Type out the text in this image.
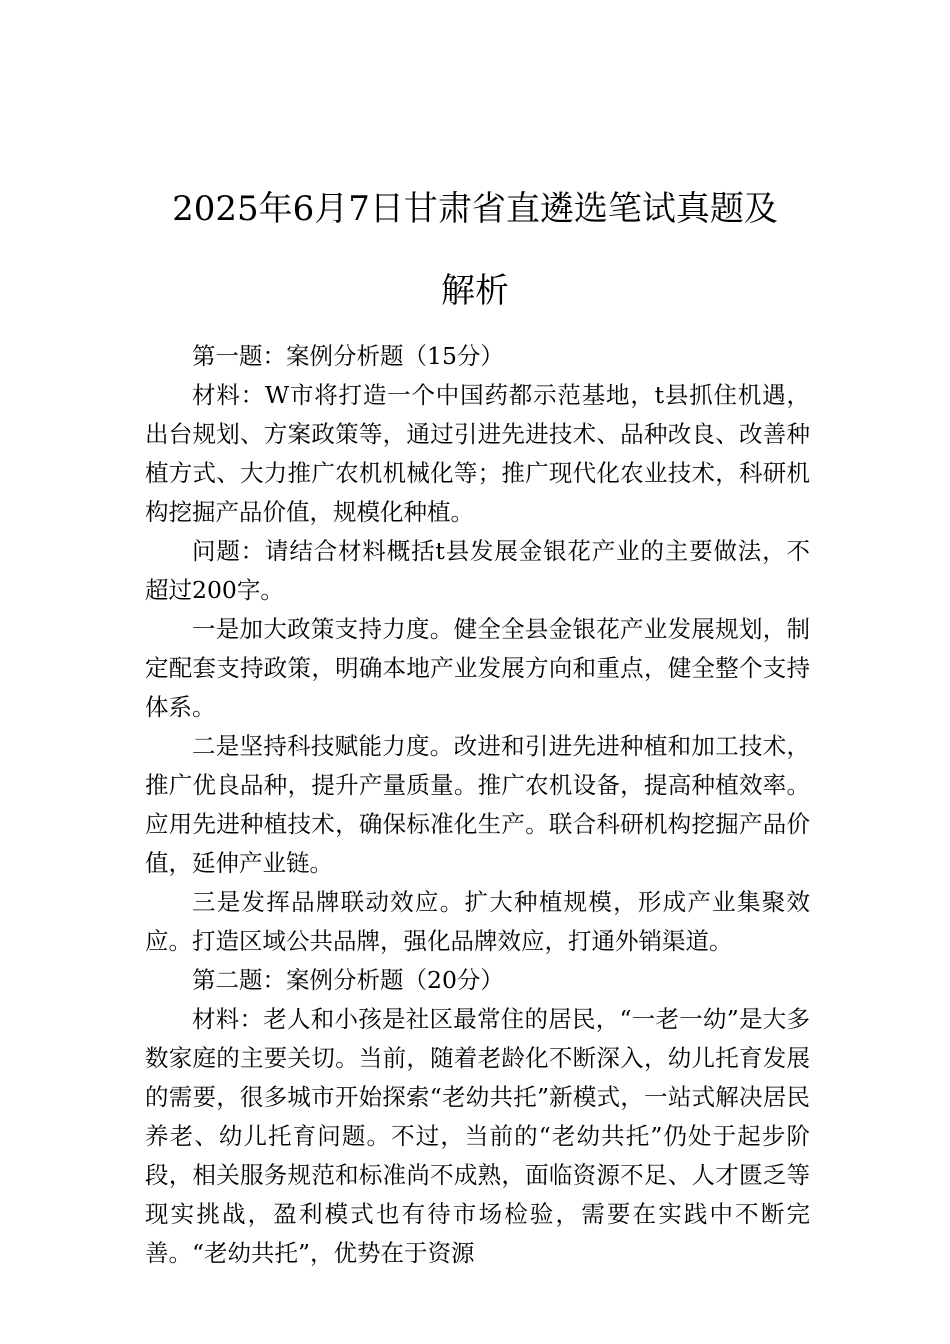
2025年6月7日甘肃省直遴选笔试真题及
解析

第一题：案例分析题（15分）

材料：W市将打造一个中国药都示范基地，t县抓住机遇，出台规划、方案政策等，通过引进先进技术、品种改良、改善种植方式、大力推广农机机械化等；推广现代化农业技术，科研机构挖掘产品价值，规模化种植。

问题：请结合材料概括t县发展金银花产业的主要做法，不超过200字。

一是加大政策支持力度。健全全县金银花产业发展规划，制定配套支持政策，明确本地产业发展方向和重点，健全整个支持体系。

二是坚持科技赋能力度。改进和引进先进种植和加工技术，推广优良品种，提升产量质量。推广农机设备，提高种植效率。应用先进种植技术，确保标准化生产。联合科研机构挖掘产品价值，延伸产业链。

三是发挥品牌联动效应。扩大种植规模，形成产业集聚效应。打造区域公共品牌，强化品牌效应，打通外销渠道。

第二题：案例分析题（20分）

材料：老人和小孩是社区最常住的居民，“一老一幼”是大多数家庭的主要关切。当前，随着老龄化不断深入，幼儿托育发展的需要，很多城市开始探索“老幼共托”新模式，一站式解决居民养老、幼儿托育问题。不过，当前的“老幼共托”仍处于起步阶段，相关服务规范和标准尚不成熟，面临资源不足、人才匮乏等现实挑战，盈利模式也有待市场检验，需要在实践中不断完善。“老幼共托”，优势在于资源
